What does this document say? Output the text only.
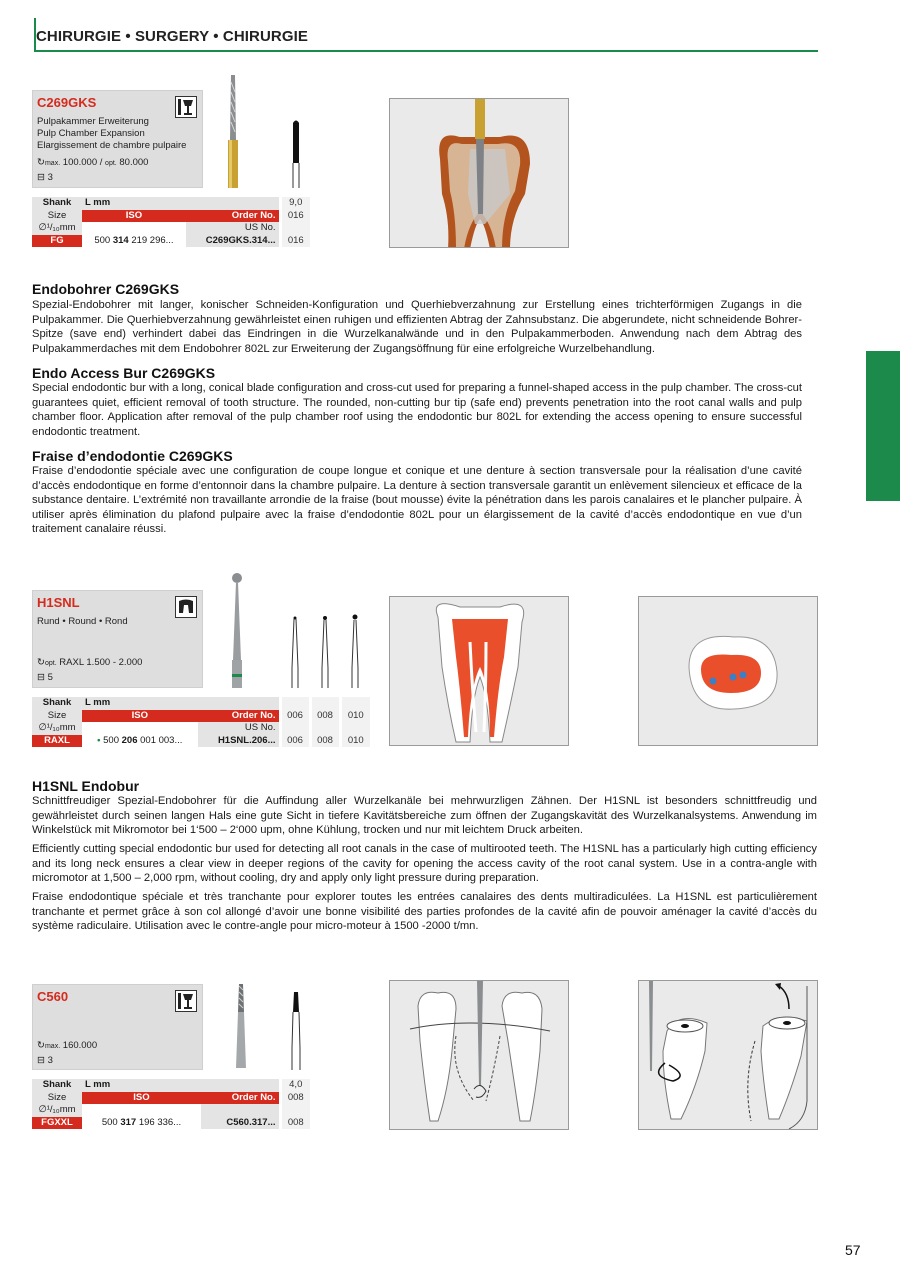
CHIRURGIE • SURGERY • CHIRURGIE
C269GKS
Pulpakammer Erweiterung
Pulp Chamber Expansion
Elargissement de chambre pulpaire
↻max. 100.000 / opt. 80.000
⊟ 3
Shank	L mm		9,0
Size	ISO	Order No.	016
∅¹/₁₀mm		US No.	
FG	500 314 219 296...	C269GKS.314...	016
Endobohrer C269GKS
Spezial-Endobohrer mit langer, konischer Schneiden-Konfiguration und Querhiebverzahnung zur Erstellung eines trichterförmigen Zugangs in die Pulpakammer. Die Querhiebverzahnung gewährleistet einen ruhigen und effizienten Abtrag der Zahnsubstanz. Die abgerundete, nicht schneidende Bohrer-Spitze (save end) verhindert dabei das Eindringen in die Wurzelkanalwände und in den Pulpakammerboden. Anwendung nach dem Abtrag des Pulpakammerdaches mit dem Endobohrer 802L zur Erweiterung der Zugangsöffnung für eine erfolgreiche Wurzelbehandlung.
Endo Access Bur C269GKS
Special endodontic bur with a long, conical blade configuration and cross-cut used for preparing a funnel-shaped access in the pulp chamber. The cross-cut guarantees quiet, efficient removal of tooth structure. The rounded, non-cutting bur tip (safe end) prevents penetration into the root canal walls and pulp chamber floor. Application after removal of the pulp chamber roof using the endodontic bur 802L for extending the access opening to ensure successful endodontic treatment.
Fraise d’endodontie C269GKS
Fraise d’endodontie spéciale avec une configuration de coupe longue et conique et une denture à section transversale pour la réalisation d’une cavité d’accès endodontique en forme d’entonnoir dans la chambre pulpaire. La denture à section transversale garantit un enlèvement silencieux et efficace de la substance dentaire. L’extrémité non travaillante arrondie de la fraise (bout mousse) évite la pénétration dans les parois canalaires et le plancher pulpaire. À utiliser après élimination du plafond pulpaire avec la fraise d’endodontie 802L pour un élargissement de la cavité d’accès endodontique en vue d’un traitement canalaire réussi.
H1SNL
Rund • Round • Rond
↻opt. RAXL 1.500 - 2.000
⊟ 5
Shank	L mm				
Size	ISO	Order No.	006	008	010
∅¹/₁₀mm		US No.			
RAXL	• 500 206 001 003...	H1SNL.206...	006	008	010
H1SNL Endobur
Schnittfreudiger Spezial-Endobohrer für die Auffindung aller Wurzelkanäle bei mehrwurzligen Zähnen. Der H1SNL ist besonders schnittfreudig und gewährleistet durch seinen langen Hals eine gute Sicht in tiefere Kavitätsbereiche zum öffnen der Zugangskavität des Wurzelkanalsystems. Anwendung im Winkelstück mit Mikromotor bei 1‘500 – 2‘000 upm, ohne Kühlung, trocken und nur mit leichtem Druck arbeiten.
Efficiently cutting special endodontic bur used for detecting all root canals in the case of multirooted teeth. The H1SNL has a particularly high cutting efficiency and its long neck ensures a clear view in deeper regions of the cavity for opening the access cavity of the root canal system. Use in a contra-angle with micromotor at 1,500 – 2,000 rpm, without cooling, dry and apply only light pressure during preparation.
Fraise endodontique spéciale et très tranchante pour explorer toutes les entrées canalaires des dents multiradiculées. La H1SNL est particulièrement tranchante et permet grâce à son col allongé d’avoir une bonne visibilité des parties profondes de la cavité afin de pouvoir aménager la cavité d’accès du système radiculaire. Utilisation avec le contre-angle pour micro-moteur à 1500 -2000 t/mn.
C560
↻max. 160.000
⊟ 3
Shank	L mm		4,0
Size	ISO	Order No.	008
∅¹/₁₀mm			
FGXXL	500 317 196 336...	C560.317...	008
57
